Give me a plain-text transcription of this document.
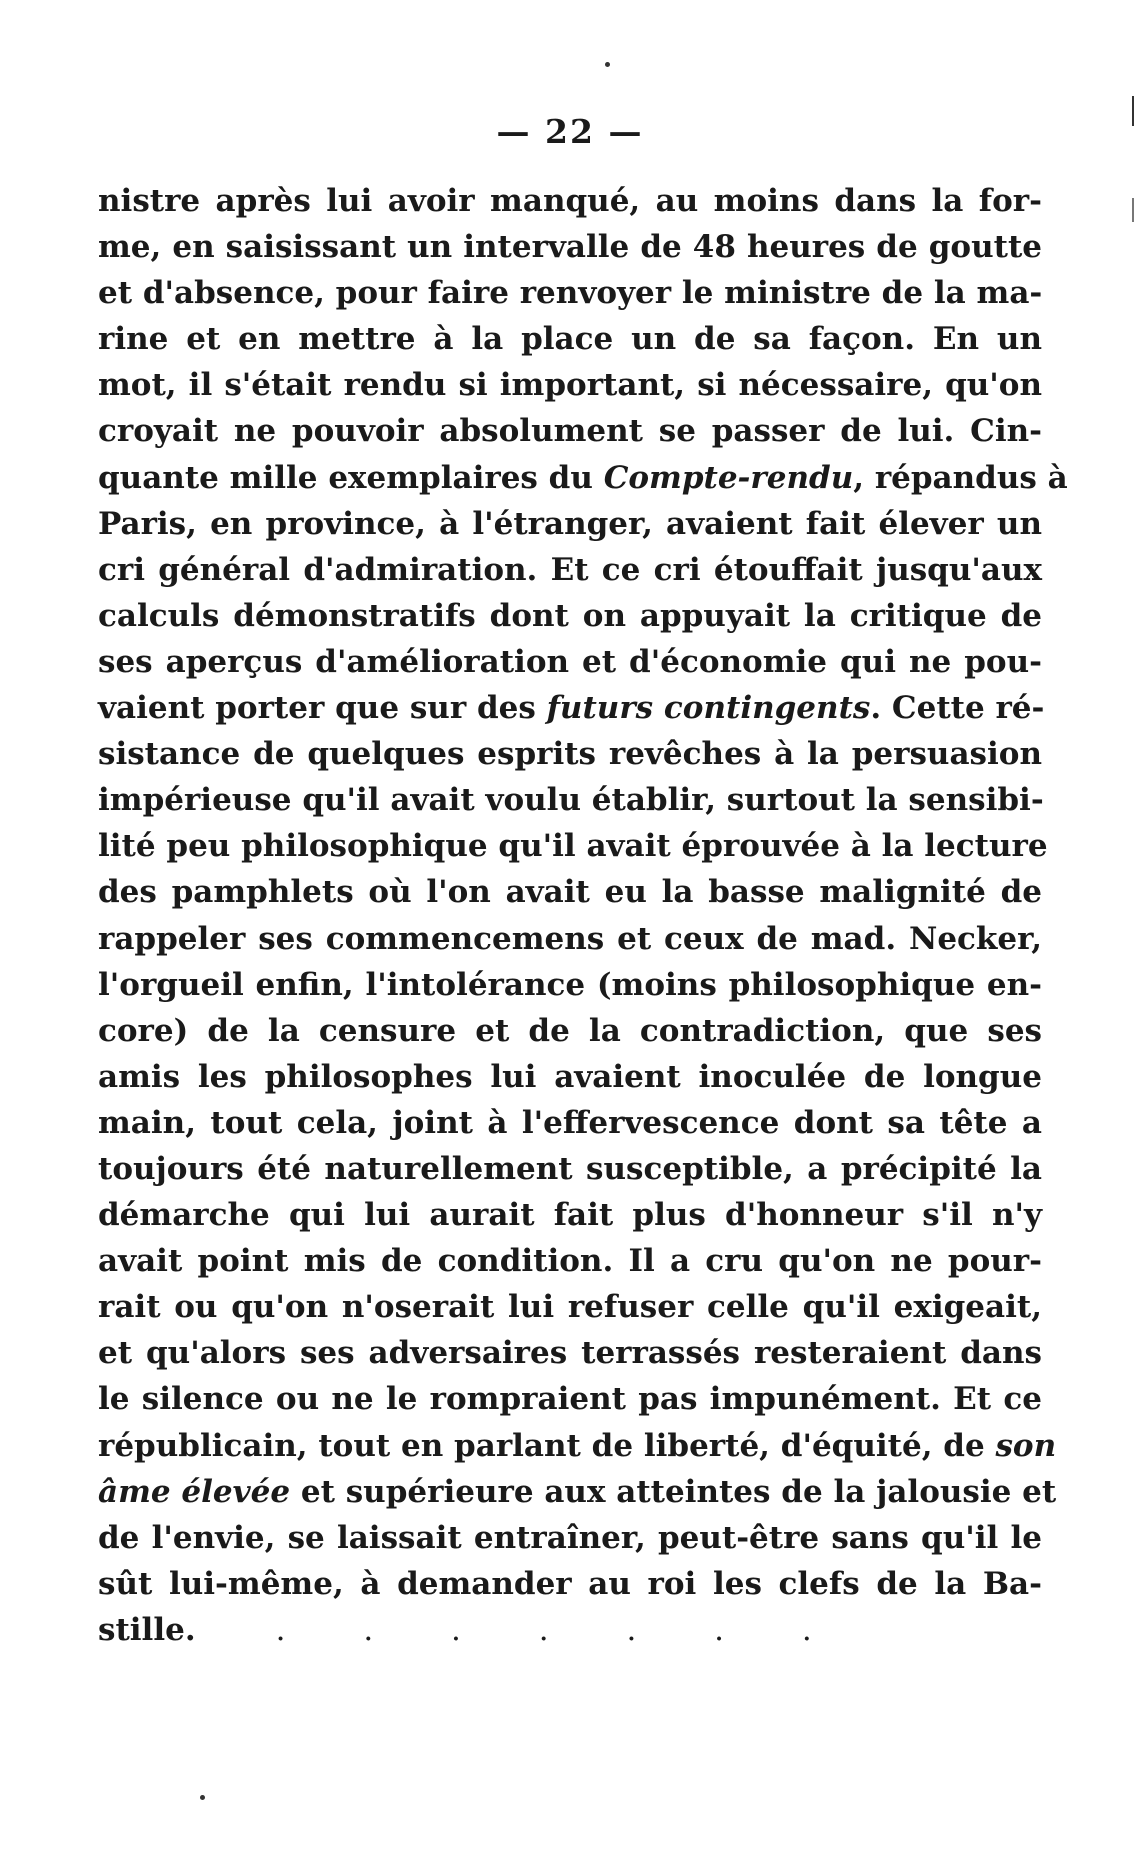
— 22 —
nistre après lui avoir manqué, au moins dans la for-
me, en saisissant un intervalle de 48 heures de goutte
et d'absence, pour faire renvoyer le ministre de la ma-
rine et en mettre à la place un de sa façon. En un
mot, il s'était rendu si important, si nécessaire, qu'on
croyait ne pouvoir absolument se passer de lui. Cin-
quante mille exemplaires du Compte-rendu, répandus à
Paris, en province, à l'étranger, avaient fait élever un
cri général d'admiration. Et ce cri étouffait jusqu'aux
calculs démonstratifs dont on appuyait la critique de
ses aperçus d'amélioration et d'économie qui ne pou-
vaient porter que sur des futurs contingents. Cette ré-
sistance de quelques esprits revêches à la persuasion
impérieuse qu'il avait voulu établir, surtout la sensibi-
lité peu philosophique qu'il avait éprouvée à la lecture
des pamphlets où l'on avait eu la basse malignité de
rappeler ses commencemens et ceux de mad. Necker,
l'orgueil enfin, l'intolérance (moins philosophique en-
core) de la censure et de la contradiction, que ses
amis les philosophes lui avaient inoculée de longue
main, tout cela, joint à l'effervescence dont sa tête a
toujours été naturellement susceptible, a précipité la
démarche qui lui aurait fait plus d'honneur s'il n'y
avait point mis de condition. Il a cru qu'on ne pour-
rait ou qu'on n'oserait lui refuser celle qu'il exigeait,
et qu'alors ses adversaires terrassés resteraient dans
le silence ou ne le rompraient pas impunément. Et ce
républicain, tout en parlant de liberté, d'équité, de son
âme élevée et supérieure aux atteintes de la jalousie et
de l'envie, se laissait entraîner, peut-être sans qu'il le
sût lui-même, à demander au roi les clefs de la Ba-
stille.	. . . . . . .
